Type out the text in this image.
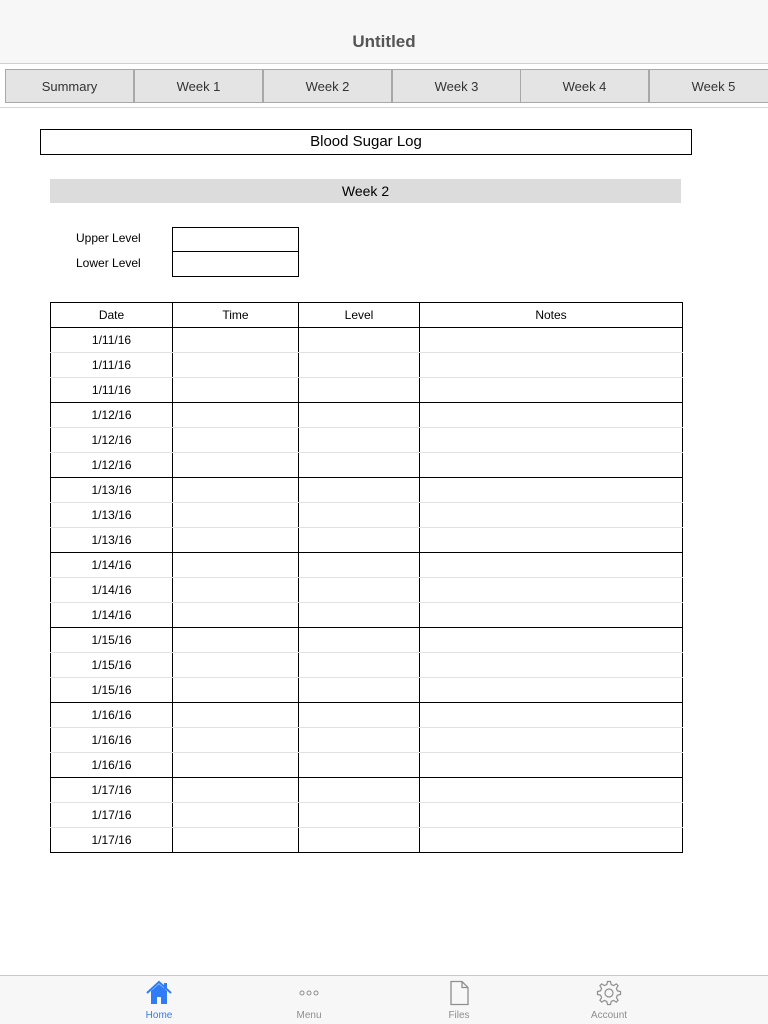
Untitled
Summary	Week 1	Week 2	Week 3	Week 4	Week 5
Blood Sugar Log
Week 2
Upper Level
Lower Level
Date	Time	Level	Notes
1/11/16			
1/11/16			
1/11/16			
1/12/16			
1/12/16			
1/12/16			
1/13/16			
1/13/16			
1/13/16			
1/14/16			
1/14/16			
1/14/16			
1/15/16			
1/15/16			
1/15/16			
1/16/16			
1/16/16			
1/16/16			
1/17/16			
1/17/16			
1/17/16			
Home	Menu	Files	Account
